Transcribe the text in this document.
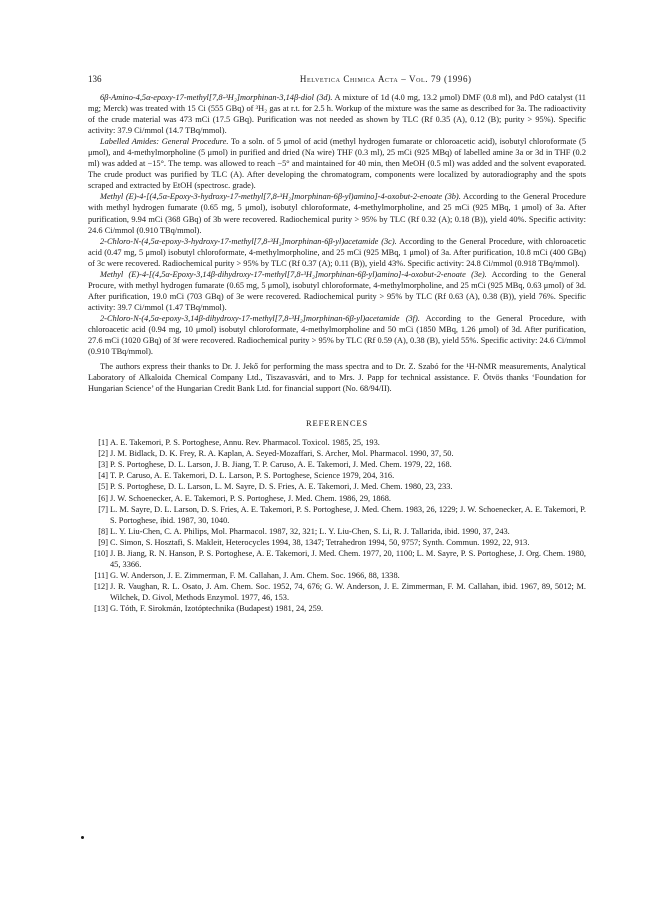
136	Helvetica Chimica Acta – Vol. 79 (1996)

6β-Amino-4,5α-epoxy-17-methyl[7,8-³H₂]morphinan-3,14β-diol (3d). A mixture of 1d (4.0 mg, 13.2 μmol) DMF (0.8 ml), and PdO catalyst (11 mg; Merck) was treated with 15 Ci (555 GBq) of ³H₂ gas at r.t. for 2.5 h. Workup of the mixture was the same as described for 3a. The radioactivity of the crude material was 473 mCi (17.5 GBq). Purification was not needed as shown by TLC (Rf 0.35 (A), 0.12 (B); purity > 95%). Specific activity: 37.9 Ci/mmol (14.7 TBq/mmol).

Labelled Amides: General Procedure. To a soln. of 5 μmol of acid (methyl hydrogen fumarate or chloroacetic acid), isobutyl chloroformate (5 μmol), and 4-methylmorpholine (5 μmol) in purified and dried (Na wire) THF (0.3 ml), 25 mCi (925 MBq) of labelled amine 3a or 3d in THF (0.2 ml) was added at −15°. The temp. was allowed to reach −5° and maintained for 40 min, then MeOH (0.5 ml) was added and the solvent evaporated. The crude product was purified by TLC (A). After developing the chromatogram, components were localized by autoradiography and the spots scraped and extracted by EtOH (spectrosc. grade).

Methyl (E)-4-[(4,5α-Epoxy-3-hydroxy-17-methyl[7,8-³H₂]morphinan-6β-yl)amino]-4-oxobut-2-enoate (3b). According to the General Procedure with methyl hydrogen fumarate (0.65 mg, 5 μmol), isobutyl chloroformate, 4-methylmorpholine, and 25 mCi (925 MBq, 1 μmol) of 3a. After purification, 9.94 mCi (368 GBq) of 3b were recovered. Radiochemical purity > 95% by TLC (Rf 0.32 (A); 0.18 (B)), yield 40%. Specific activity: 24.6 Ci/mmol (0.910 TBq/mmol).

2-Chloro-N-(4,5α-epoxy-3-hydroxy-17-methyl[7,8-³H₂]morphinan-6β-yl)acetamide (3c). According to the General Procedure, with chloroacetic acid (0.47 mg, 5 μmol) isobutyl chloroformate, 4-methylmorpholine, and 25 mCi (925 MBq, 1 μmol) of 3a. After purification, 10.8 mCi (400 GBq) of 3c were recovered. Radiochemical purity > 95% by TLC (Rf 0.37 (A); 0.11 (B)), yield 43%. Specific activity: 24.8 Ci/mmol (0.918 TBq/mmol).

Methyl (E)-4-[(4,5α-Epoxy-3,14β-dihydroxy-17-methyl[7,8-³H₂]morphinan-6β-yl)amino]-4-oxobut-2-enoate (3e). According to the General Procure, with methyl hydrogen fumarate (0.65 mg, 5 μmol), isobutyl chloroformate, 4-methylmorpholine, and 25 mCi (925 MBq, 0.63 μmol) of 3d. After purification, 19.0 mCi (703 GBq) of 3e were recovered. Radiochemical purity > 95% by TLC (Rf 0.63 (A), 0.38 (B)), yield 76%. Specific activity: 39.7 Ci/mmol (1.47 TBq/mmol).

2-Chloro-N-(4,5α-epoxy-3,14β-dihydroxy-17-methyl[7,8-³H₂]morphinan-6β-yl)acetamide (3f). According to the General Procedure, with chloroacetic acid (0.94 mg, 10 μmol) isobutyl chloroformate, 4-methylmorpholine and 50 mCi (1850 MBq, 1.26 μmol) of 3d. After purification, 27.6 mCi (1020 GBq) of 3f were recovered. Radiochemical purity > 95% by TLC (Rf 0.59 (A), 0.38 (B), yield 55%. Specific activity: 24.6 Ci/mmol (0.910 TBq/mmol).

The authors express their thanks to Dr. J. Jekő for performing the mass spectra and to Dr. Z. Szabó for the ¹H-NMR measurements, Analytical Laboratory of Alkaloida Chemical Company Ltd., Tiszavasvári, and to Mrs. J. Papp for technical assistance. F. Ötvös thanks ‘Foundation for Hungarian Science’ of the Hungarian Credit Bank Ltd. for financial support (No. 68/94/II).

REFERENCES
[1] A. E. Takemori, P. S. Portoghese, Annu. Rev. Pharmacol. Toxicol. 1985, 25, 193.
[2] J. M. Bidlack, D. K. Frey, R. A. Kaplan, A. Seyed-Mozaffari, S. Archer, Mol. Pharmacol. 1990, 37, 50.
[3] P. S. Portoghese, D. L. Larson, J. B. Jiang, T. P. Caruso, A. E. Takemori, J. Med. Chem. 1979, 22, 168.
[4] T. P. Caruso, A. E. Takemori, D. L. Larson, P. S. Portoghese, Science 1979, 204, 316.
[5] P. S. Portoghese, D. L. Larson, L. M. Sayre, D. S. Fries, A. E. Takemori, J. Med. Chem. 1980, 23, 233.
[6] J. W. Schoenecker, A. E. Takemori, P. S. Portoghese, J. Med. Chem. 1986, 29, 1868.
[7] L. M. Sayre, D. L. Larson, D. S. Fries, A. E. Takemori, P. S. Portoghese, J. Med. Chem. 1983, 26, 1229; J. W. Schoenecker, A. E. Takemori, P. S. Portoghese, ibid. 1987, 30, 1040.
[8] L. Y. Liu-Chen, C. A. Philips, Mol. Pharmacol. 1987, 32, 321; L. Y. Liu-Chen, S. Li, R. J. Tallarida, ibid. 1990, 37, 243.
[9] C. Simon, S. Hosztafi, S. Makleit, Heterocycles 1994, 38, 1347; Tetrahedron 1994, 50, 9757; Synth. Commun. 1992, 22, 913.
[10] J. B. Jiang, R. N. Hanson, P. S. Portoghese, A. E. Takemori, J. Med. Chem. 1977, 20, 1100; L. M. Sayre, P. S. Portoghese, J. Org. Chem. 1980, 45, 3366.
[11] G. W. Anderson, J. E. Zimmerman, F. M. Callahan, J. Am. Chem. Soc. 1966, 88, 1338.
[12] J. R. Vaughan, R. L. Osato, J. Am. Chem. Soc. 1952, 74, 676; G. W. Anderson, J. E. Zimmerman, F. M. Callahan, ibid. 1967, 89, 5012; M. Wilchek, D. Givol, Methods Enzymol. 1977, 46, 153.
[13] G. Tóth, F. Sirokmán, Izotóptechnika (Budapest) 1981, 24, 259.
